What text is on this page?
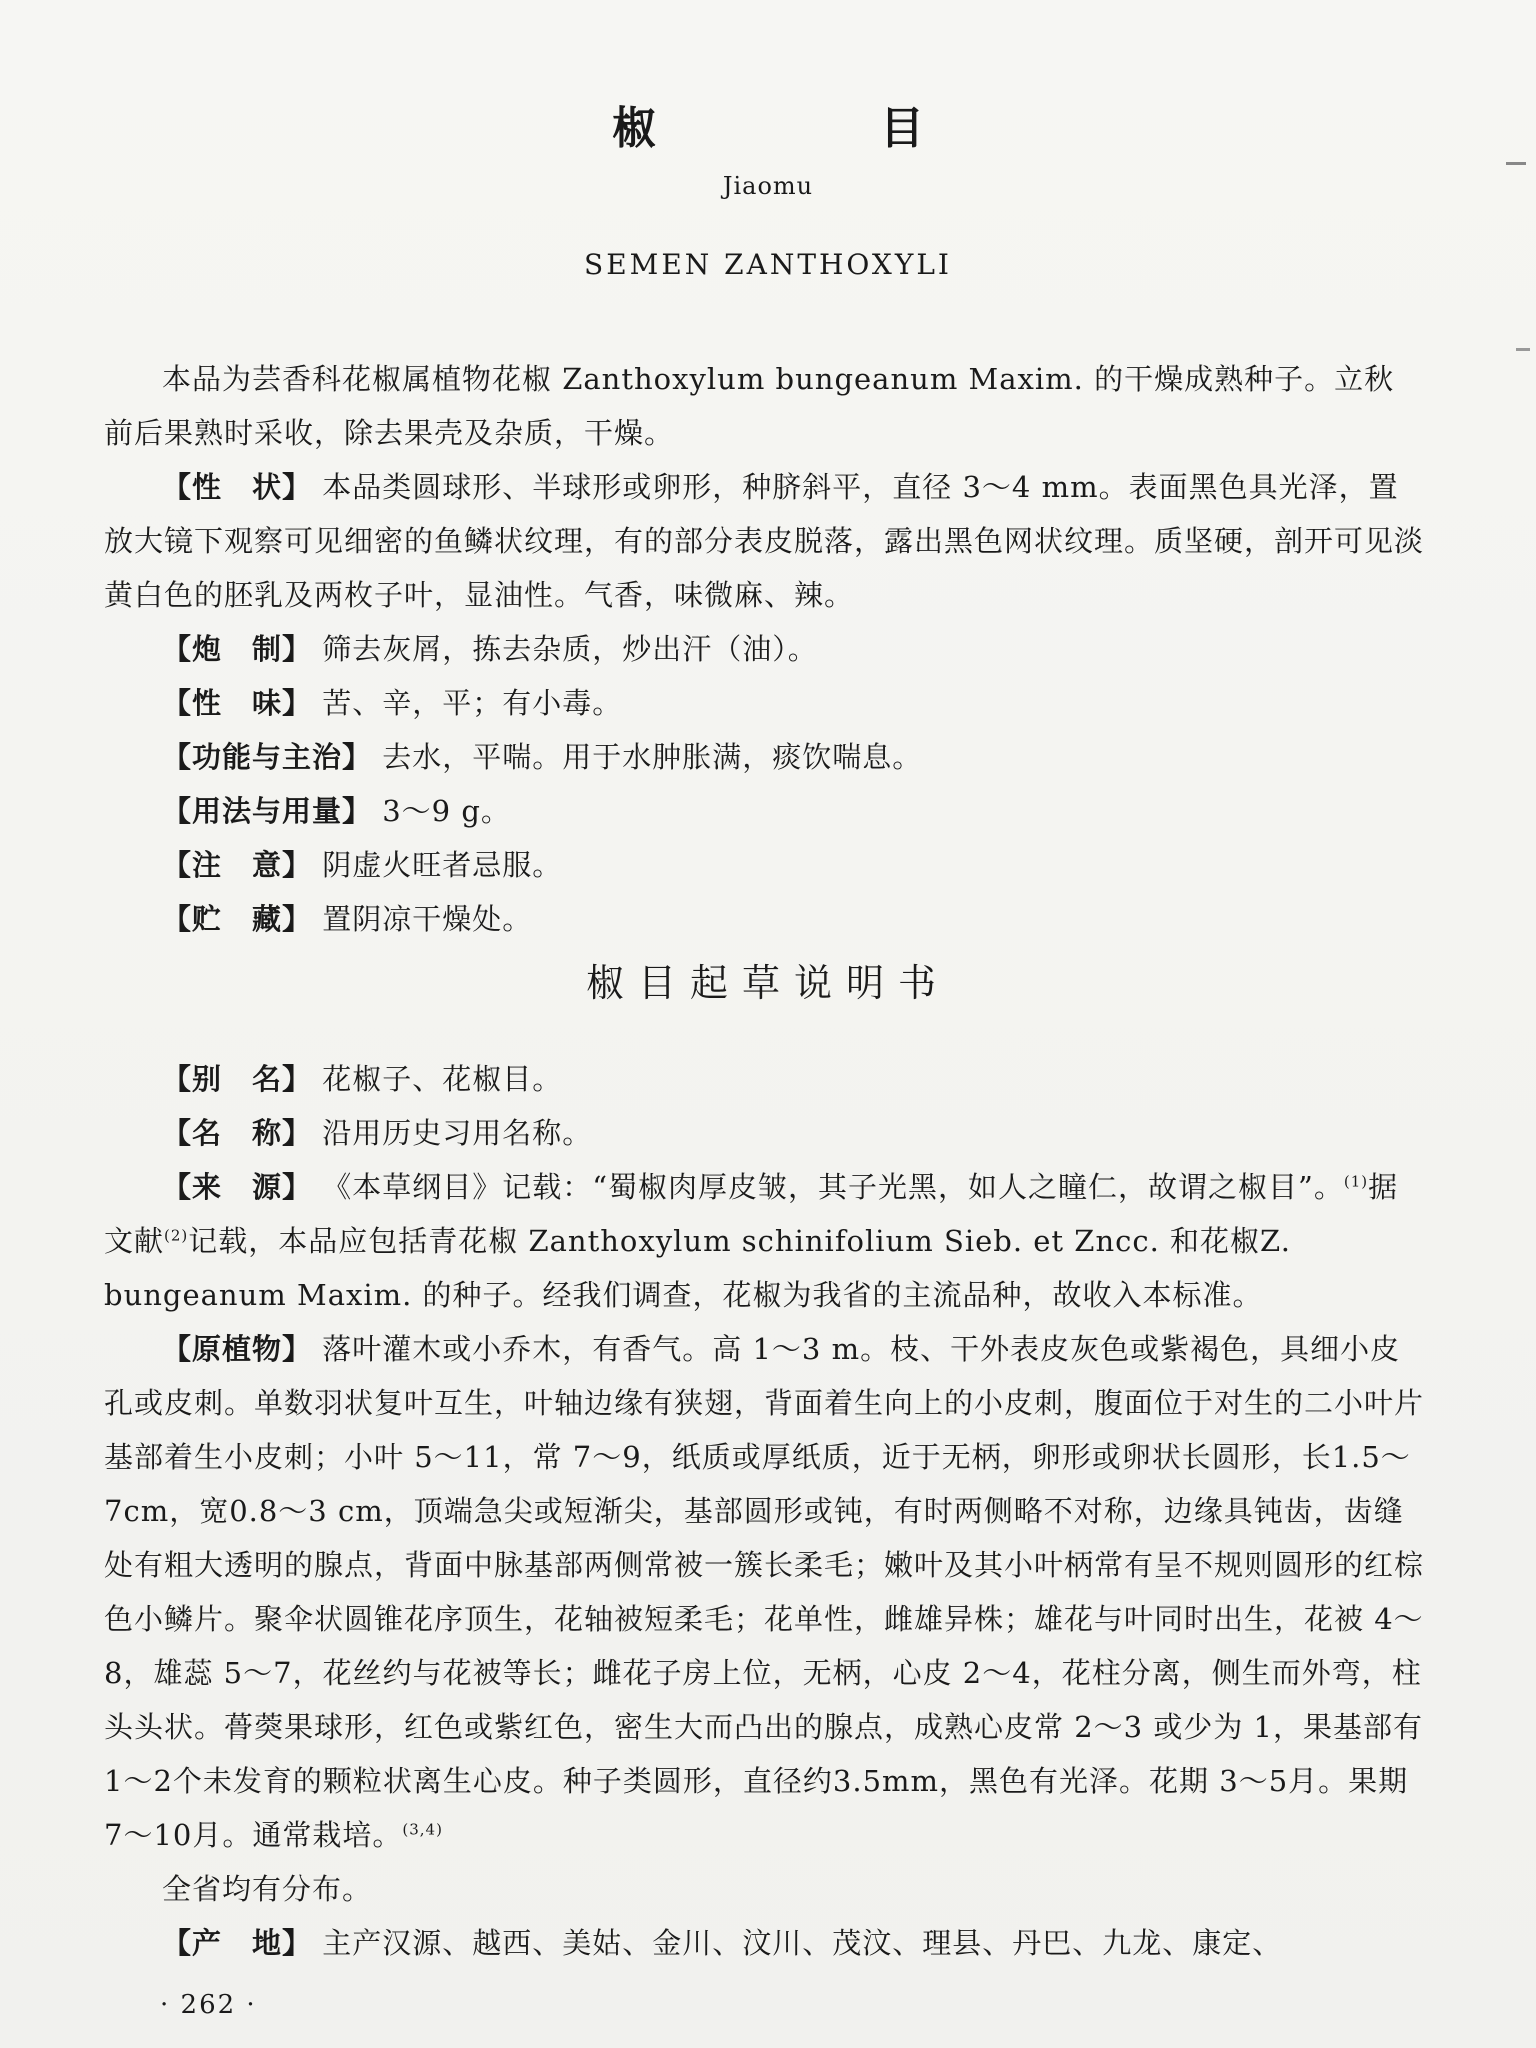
椒　目
Jiaomu
SEMEN ZANTHOXYLI

本品为芸香科花椒属植物花椒 Zanthoxylum bungeanum Maxim. 的干燥成熟种子。立秋前后果熟时采收，除去果壳及杂质，干燥。

【性　状】 本品类圆球形、半球形或卵形，种脐斜平，直径 3～4 mm。表面黑色具光泽，置放大镜下观察可见细密的鱼鳞状纹理，有的部分表皮脱落，露出黑色网状纹理。质坚硬，剖开可见淡黄白色的胚乳及两枚子叶，显油性。气香，味微麻、辣。

【炮　制】 筛去灰屑，拣去杂质，炒出汗（油）。

【性　味】 苦、辛，平；有小毒。

【功能与主治】 去水，平喘。用于水肿胀满，痰饮喘息。

【用法与用量】 3～9 g。

【注　意】 阴虚火旺者忌服。

【贮　藏】 置阴凉干燥处。

椒目起草说明书

【别　名】 花椒子、花椒目。

【名　称】 沿用历史习用名称。

【来　源】 《本草纲目》记载：“蜀椒肉厚皮皱，其子光黑，如人之瞳仁，故谓之椒目”。$^{(1)}$据文献$^{(2)}$记载，本品应包括青花椒 Zanthoxylum schinifolium Sieb. et Zncc. 和花椒Z. bungeanum Maxim. 的种子。经我们调查，花椒为我省的主流品种，故收入本标准。

【原植物】 落叶灌木或小乔木，有香气。高 1～3 m。枝、干外表皮灰色或紫褐色，具细小皮孔或皮刺。单数羽状复叶互生，叶轴边缘有狭翅，背面着生向上的小皮刺，腹面位于对生的二小叶片基部着生小皮刺；小叶 5～11，常 7～9，纸质或厚纸质，近于无柄，卵形或卵状长圆形，长1.5～7cm，宽0.8～3 cm，顶端急尖或短渐尖，基部圆形或钝，有时两侧略不对称，边缘具钝齿，齿缝处有粗大透明的腺点，背面中脉基部两侧常被一簇长柔毛；嫩叶及其小叶柄常有呈不规则圆形的红棕色小鳞片。聚伞状圆锥花序顶生，花轴被短柔毛；花单性，雌雄异株；雄花与叶同时出生，花被 4～8，雄蕊 5～7，花丝约与花被等长；雌花子房上位，无柄，心皮 2～4，花柱分离，侧生而外弯，柱头头状。蓇葖果球形，红色或紫红色，密生大而凸出的腺点，成熟心皮常 2～3 或少为 1，果基部有1～2个未发育的颗粒状离生心皮。种子类圆形，直径约3.5mm，黑色有光泽。花期 3～5月。果期 7～10月。通常栽培。$^{(3,4)}$

全省均有分布。

【产　地】 主产汉源、越西、美姑、金川、汶川、茂汶、理县、丹巴、九龙、康定、

· 262 ·
